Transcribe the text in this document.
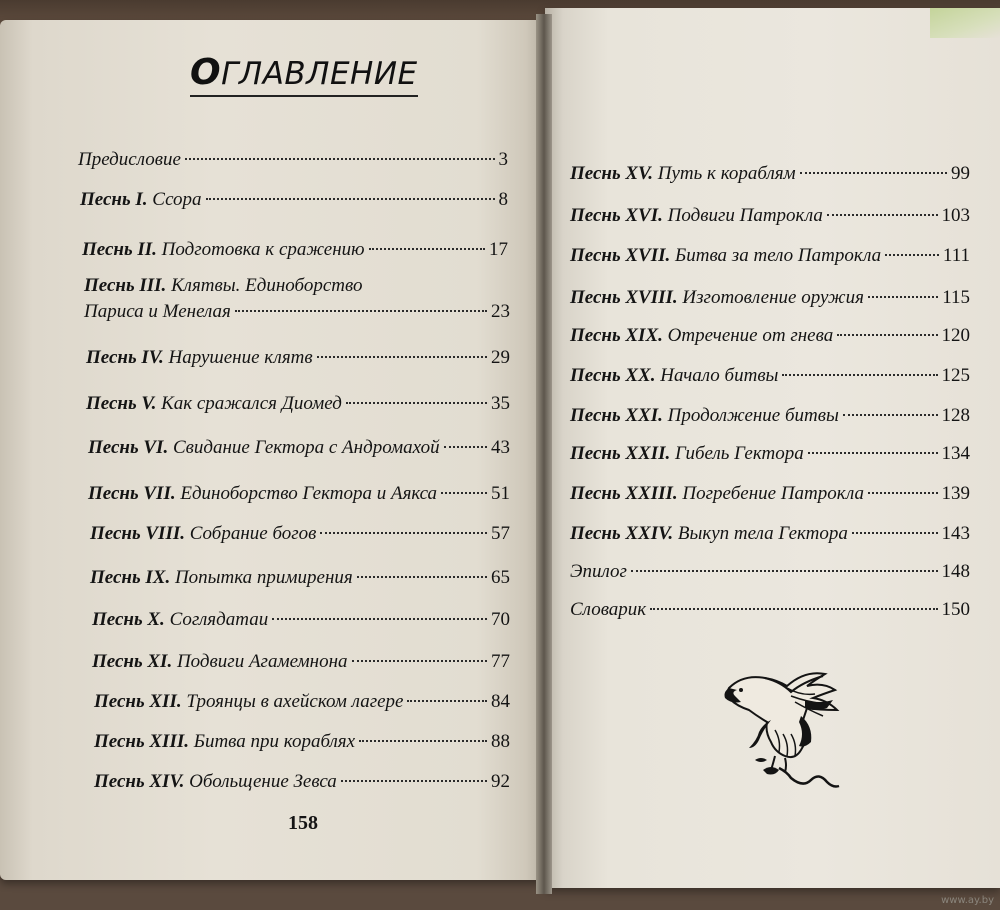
ОГЛАВЛЕНИЕ
Предисловие	3
Песнь I. Ссора	8
Песнь II. Подготовка к сражению	17
Песнь III. Клятвы. Единоборство
Париса и Менелая	23
Песнь IV. Нарушение клятв	29
Песнь V. Как сражался Диомед	35
Песнь VI. Свидание Гектора с Андромахой	43
Песнь VII. Единоборство Гектора и Аякса	51
Песнь VIII. Собрание богов	57
Песнь IX. Попытка примирения	65
Песнь X. Соглядатаи	70
Песнь XI. Подвиги Агамемнона	77
Песнь XII. Троянцы в ахейском лагере	84
Песнь XIII. Битва при кораблях	88
Песнь XIV. Обольщение Зевса	92
Песнь XV. Путь к кораблям	99
Песнь XVI. Подвиги Патрокла	103
Песнь XVII. Битва за тело Патрокла	111
Песнь XVIII. Изготовление оружия	115
Песнь XIX. Отречение от гнева	120
Песнь XX. Начало битвы	125
Песнь XXI. Продолжение битвы	128
Песнь XXII. Гибель Гектора	134
Песнь XXIII. Погребение Патрокла	139
Песнь XXIV. Выкуп тела Гектора	143
Эпилог	148
Словарик	150
158
www.ay.by
